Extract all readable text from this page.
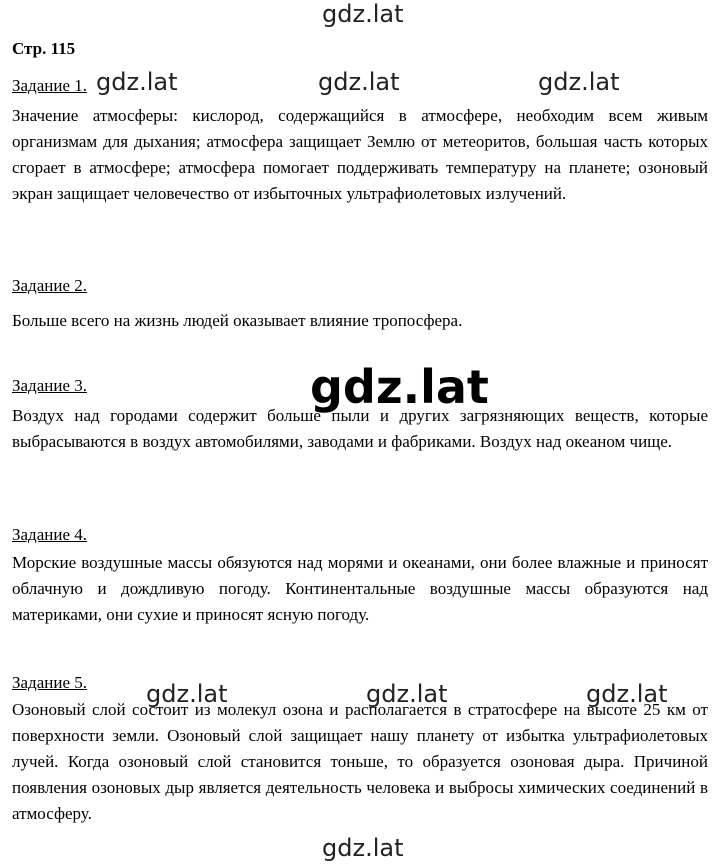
gdz.lat
gdz.lat	gdz.lat	gdz.lat
gdz.lat
gdz.lat	gdz.lat	gdz.lat
gdz.lat
Стр. 115
Задание 1.

Значение атмосферы: кислород, содержащийся в атмосфере, необходим всем живым организмам для дыхания; атмосфера защищает Землю от метеоритов, большая часть которых сгорает в атмосфере; атмосфера помогает поддерживать температуру на планете; озоновый экран защищает человечество от избыточных ультрафиолетовых излучений.

Задание 2.

Больше всего на жизнь людей оказывает влияние тропосфера.

Задание 3.

Воздух над городами содержит больше пыли и других загрязняющих веществ, которые выбрасываются в воздух автомобилями, заводами и фабриками. Воздух над океаном чище.

Задание 4.

Морские воздушные массы обязуются над морями и океанами, они более влажные и приносят облачную и дождливую погоду. Континентальные воздушные массы образуются над материками, они сухие и приносят ясную погоду.

Задание 5.

Озоновый слой состоит из молекул озона и располагается в стратосфере на высоте 25 км от поверхности земли. Озоновый слой защищает нашу планету от избытка ультрафиолетовых лучей. Когда озоновый слой становится тоньше, то образуется озоновая дыра. Причиной появления озоновых дыр является деятельность человека и выбросы химических соединений в атмосферу.
